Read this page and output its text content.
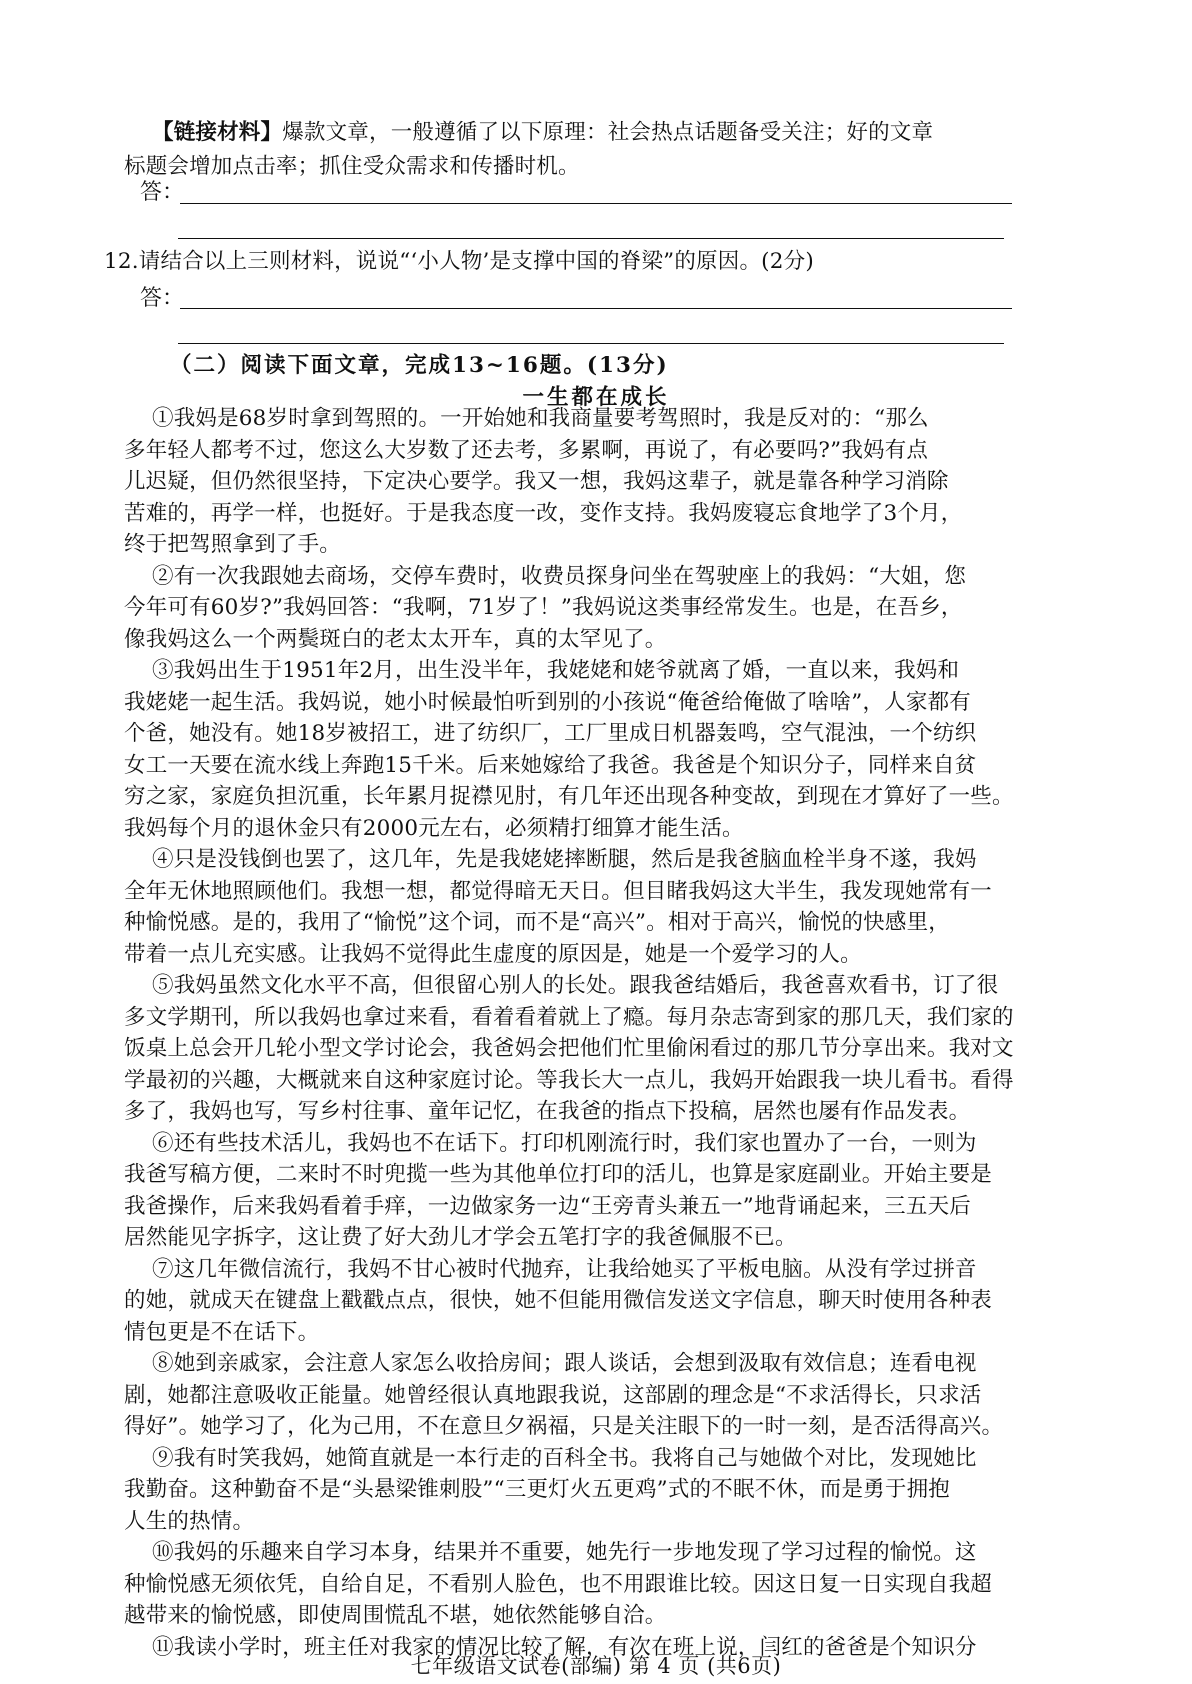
【链接材料】爆款文章，一般遵循了以下原理：社会热点话题备受关注；好的文章
标题会增加点击率；抓住受众需求和传播时机。
答：
12.请结合以上三则材料，说说“‘小人物’是支撑中国的脊梁”的原因。(2分)
答：
（二）阅读下面文章，完成13~16题。(13分)
一生都在成长
①我妈是68岁时拿到驾照的。一开始她和我商量要考驾照时，我是反对的：“那么
多年轻人都考不过，您这么大岁数了还去考，多累啊，再说了，有必要吗?”我妈有点
儿迟疑，但仍然很坚持，下定决心要学。我又一想，我妈这辈子，就是靠各种学习消除
苦难的，再学一样，也挺好。于是我态度一改，变作支持。我妈废寝忘食地学了3个月，
终于把驾照拿到了手。
②有一次我跟她去商场，交停车费时，收费员探身问坐在驾驶座上的我妈：“大姐，您
今年可有60岁?”我妈回答：“我啊，71岁了！”我妈说这类事经常发生。也是，在吾乡，
像我妈这么一个两鬓斑白的老太太开车，真的太罕见了。
③我妈出生于1951年2月，出生没半年，我姥姥和姥爷就离了婚，一直以来，我妈和
我姥姥一起生活。我妈说，她小时候最怕听到别的小孩说“俺爸给俺做了啥啥”，人家都有
个爸，她没有。她18岁被招工，进了纺织厂，工厂里成日机器轰鸣，空气混浊，一个纺织
女工一天要在流水线上奔跑15千米。后来她嫁给了我爸。我爸是个知识分子，同样来自贫
穷之家，家庭负担沉重，长年累月捉襟见肘，有几年还出现各种变故，到现在才算好了一些。
我妈每个月的退休金只有2000元左右，必须精打细算才能生活。
④只是没钱倒也罢了，这几年，先是我姥姥摔断腿，然后是我爸脑血栓半身不遂，我妈
全年无休地照顾他们。我想一想，都觉得暗无天日。但目睹我妈这大半生，我发现她常有一
种愉悦感。是的，我用了“愉悦”这个词，而不是“高兴”。相对于高兴，愉悦的快感里，
带着一点儿充实感。让我妈不觉得此生虚度的原因是，她是一个爱学习的人。
⑤我妈虽然文化水平不高，但很留心别人的长处。跟我爸结婚后，我爸喜欢看书，订了很
多文学期刊，所以我妈也拿过来看，看着看着就上了瘾。每月杂志寄到家的那几天，我们家的
饭桌上总会开几轮小型文学讨论会，我爸妈会把他们忙里偷闲看过的那几节分享出来。我对文
学最初的兴趣，大概就来自这种家庭讨论。等我长大一点儿，我妈开始跟我一块儿看书。看得
多了，我妈也写，写乡村往事、童年记忆，在我爸的指点下投稿，居然也屡有作品发表。
⑥还有些技术活儿，我妈也不在话下。打印机刚流行时，我们家也置办了一台，一则为
我爸写稿方便，二来时不时兜揽一些为其他单位打印的活儿，也算是家庭副业。开始主要是
我爸操作，后来我妈看着手痒，一边做家务一边“王旁青头兼五一”地背诵起来，三五天后
居然能见字拆字，这让费了好大劲儿才学会五笔打字的我爸佩服不已。
⑦这几年微信流行，我妈不甘心被时代抛弃，让我给她买了平板电脑。从没有学过拼音
的她，就成天在键盘上戳戳点点，很快，她不但能用微信发送文字信息，聊天时使用各种表
情包更是不在话下。
⑧她到亲戚家，会注意人家怎么收拾房间；跟人谈话，会想到汲取有效信息；连看电视
剧，她都注意吸收正能量。她曾经很认真地跟我说，这部剧的理念是“不求活得长，只求活
得好”。她学习了，化为己用，不在意旦夕祸福，只是关注眼下的一时一刻，是否活得高兴。
⑨我有时笑我妈，她简直就是一本行走的百科全书。我将自己与她做个对比，发现她比
我勤奋。这种勤奋不是“头悬梁锥刺股”“三更灯火五更鸡”式的不眠不休，而是勇于拥抱
人生的热情。
⑩我妈的乐趣来自学习本身，结果并不重要，她先行一步地发现了学习过程的愉悦。这
种愉悦感无须依凭，自给自足，不看别人脸色，也不用跟谁比较。因这日复一日实现自我超
越带来的愉悦感，即使周围慌乱不堪，她依然能够自洽。
⑪我读小学时，班主任对我家的情况比较了解，有次在班上说，闫红的爸爸是个知识分
七年级语文试卷(部编) 第 4 页 (共6页)
